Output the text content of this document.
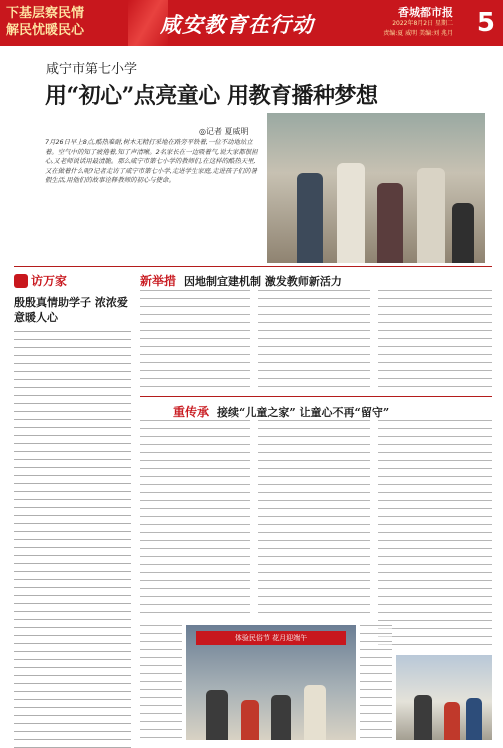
下基层察民情
解民忧暖民心	咸安教育在行动	香城都市报
2022年8月2日 星期二
责编:夏 威明 美编:刘 兆月 5
咸宁市第七小学
用“初心”点亮童心 用教育播种梦想
◎记者 夏威明
7月26日早上8点,酷热难耐,树木无精打采地在路旁平铁着,一位不动地站立着。空气中的知了疲倦着,知了声清晰。2名家长在一边吸着气,说大家都很担心,又老师说话用最清脆。那么咸宁市第七小学的教师们,在这样的酷热天里,又在做着什么呢?记者走访了咸宁市第七小学,走进学生家庭,走进孩子们的暑假生活,用他们的故事诠释教师的初心与使命。
访万家
殷殷真情助学子 浓浓爱意暖人心
新举措 因地制宜建机制 激发教师新活力
重传承 接续“儿童之家” 让童心不再“留守”
体验民俗节 花月迎端午
